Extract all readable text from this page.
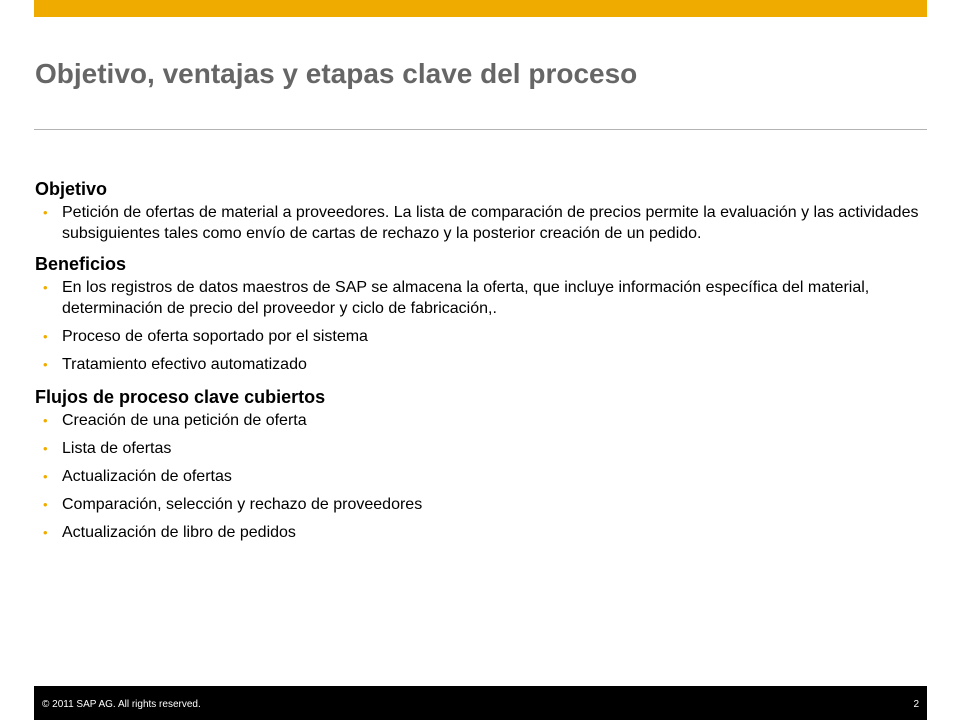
Objetivo, ventajas y etapas clave del proceso
Objetivo
• Petición de ofertas de material a proveedores. La lista de comparación de precios permite la evaluación y las actividades subsiguientes tales como envío de cartas de rechazo y la posterior creación de un pedido.
Beneficios
• En los registros de datos maestros de SAP se almacena la oferta, que incluye información específica del material, determinación de precio del proveedor y ciclo de fabricación,.
• Proceso de oferta soportado por el sistema
• Tratamiento efectivo automatizado
Flujos de proceso clave cubiertos
• Creación de una petición de oferta
• Lista de ofertas
• Actualización de ofertas
• Comparación, selección y rechazo de proveedores
• Actualización de libro de pedidos
© 2011 SAP AG. All rights reserved.	2
